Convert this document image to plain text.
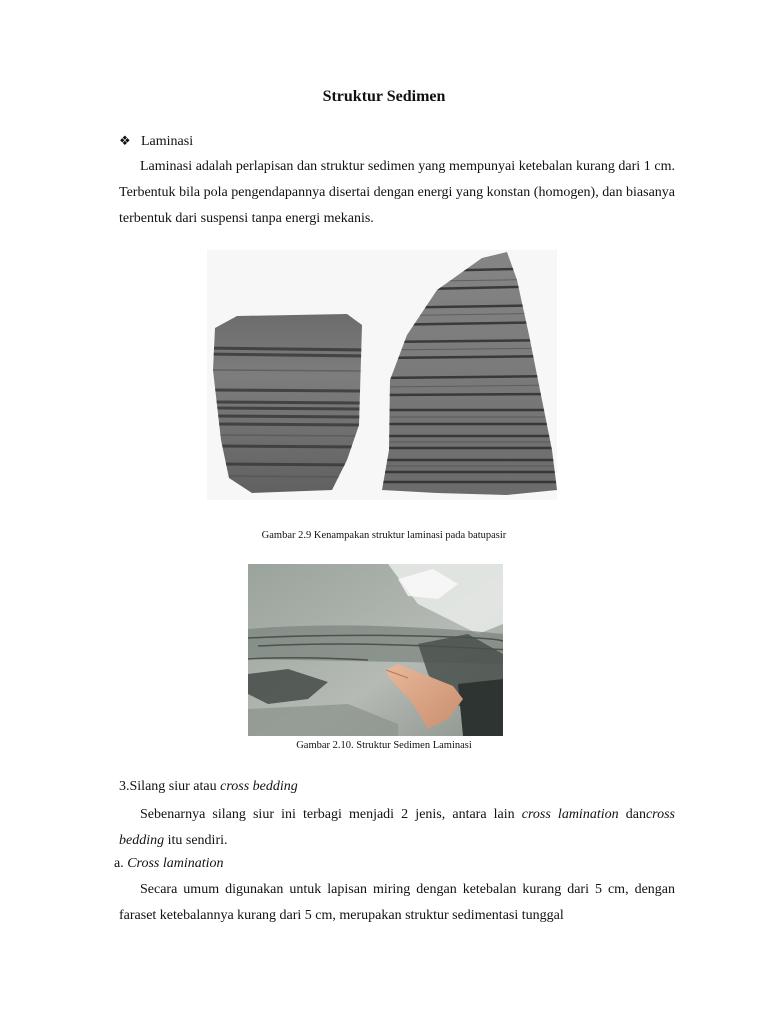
Struktur Sedimen
❖ Laminasi
Laminasi adalah perlapisan dan struktur sedimen yang mempunyai ketebalan kurang dari 1 cm. Terbentuk bila pola pengendapannya disertai dengan energi yang konstan (homogen), dan biasanya terbentuk dari suspensi tanpa energi mekanis.
Gambar 2.9 Kenampakan struktur laminasi pada batupasir
Gambar 2.10. Struktur Sedimen Laminasi
3.Silang siur atau cross bedding
Sebenarnya silang siur ini terbagi menjadi 2 jenis, antara lain cross lamination dancross bedding itu sendiri.
a. Cross lamination
Secara umum digunakan untuk lapisan miring dengan ketebalan kurang dari 5 cm, dengan faraset ketebalannya kurang dari 5 cm, merupakan struktur sedimentasi tunggal
